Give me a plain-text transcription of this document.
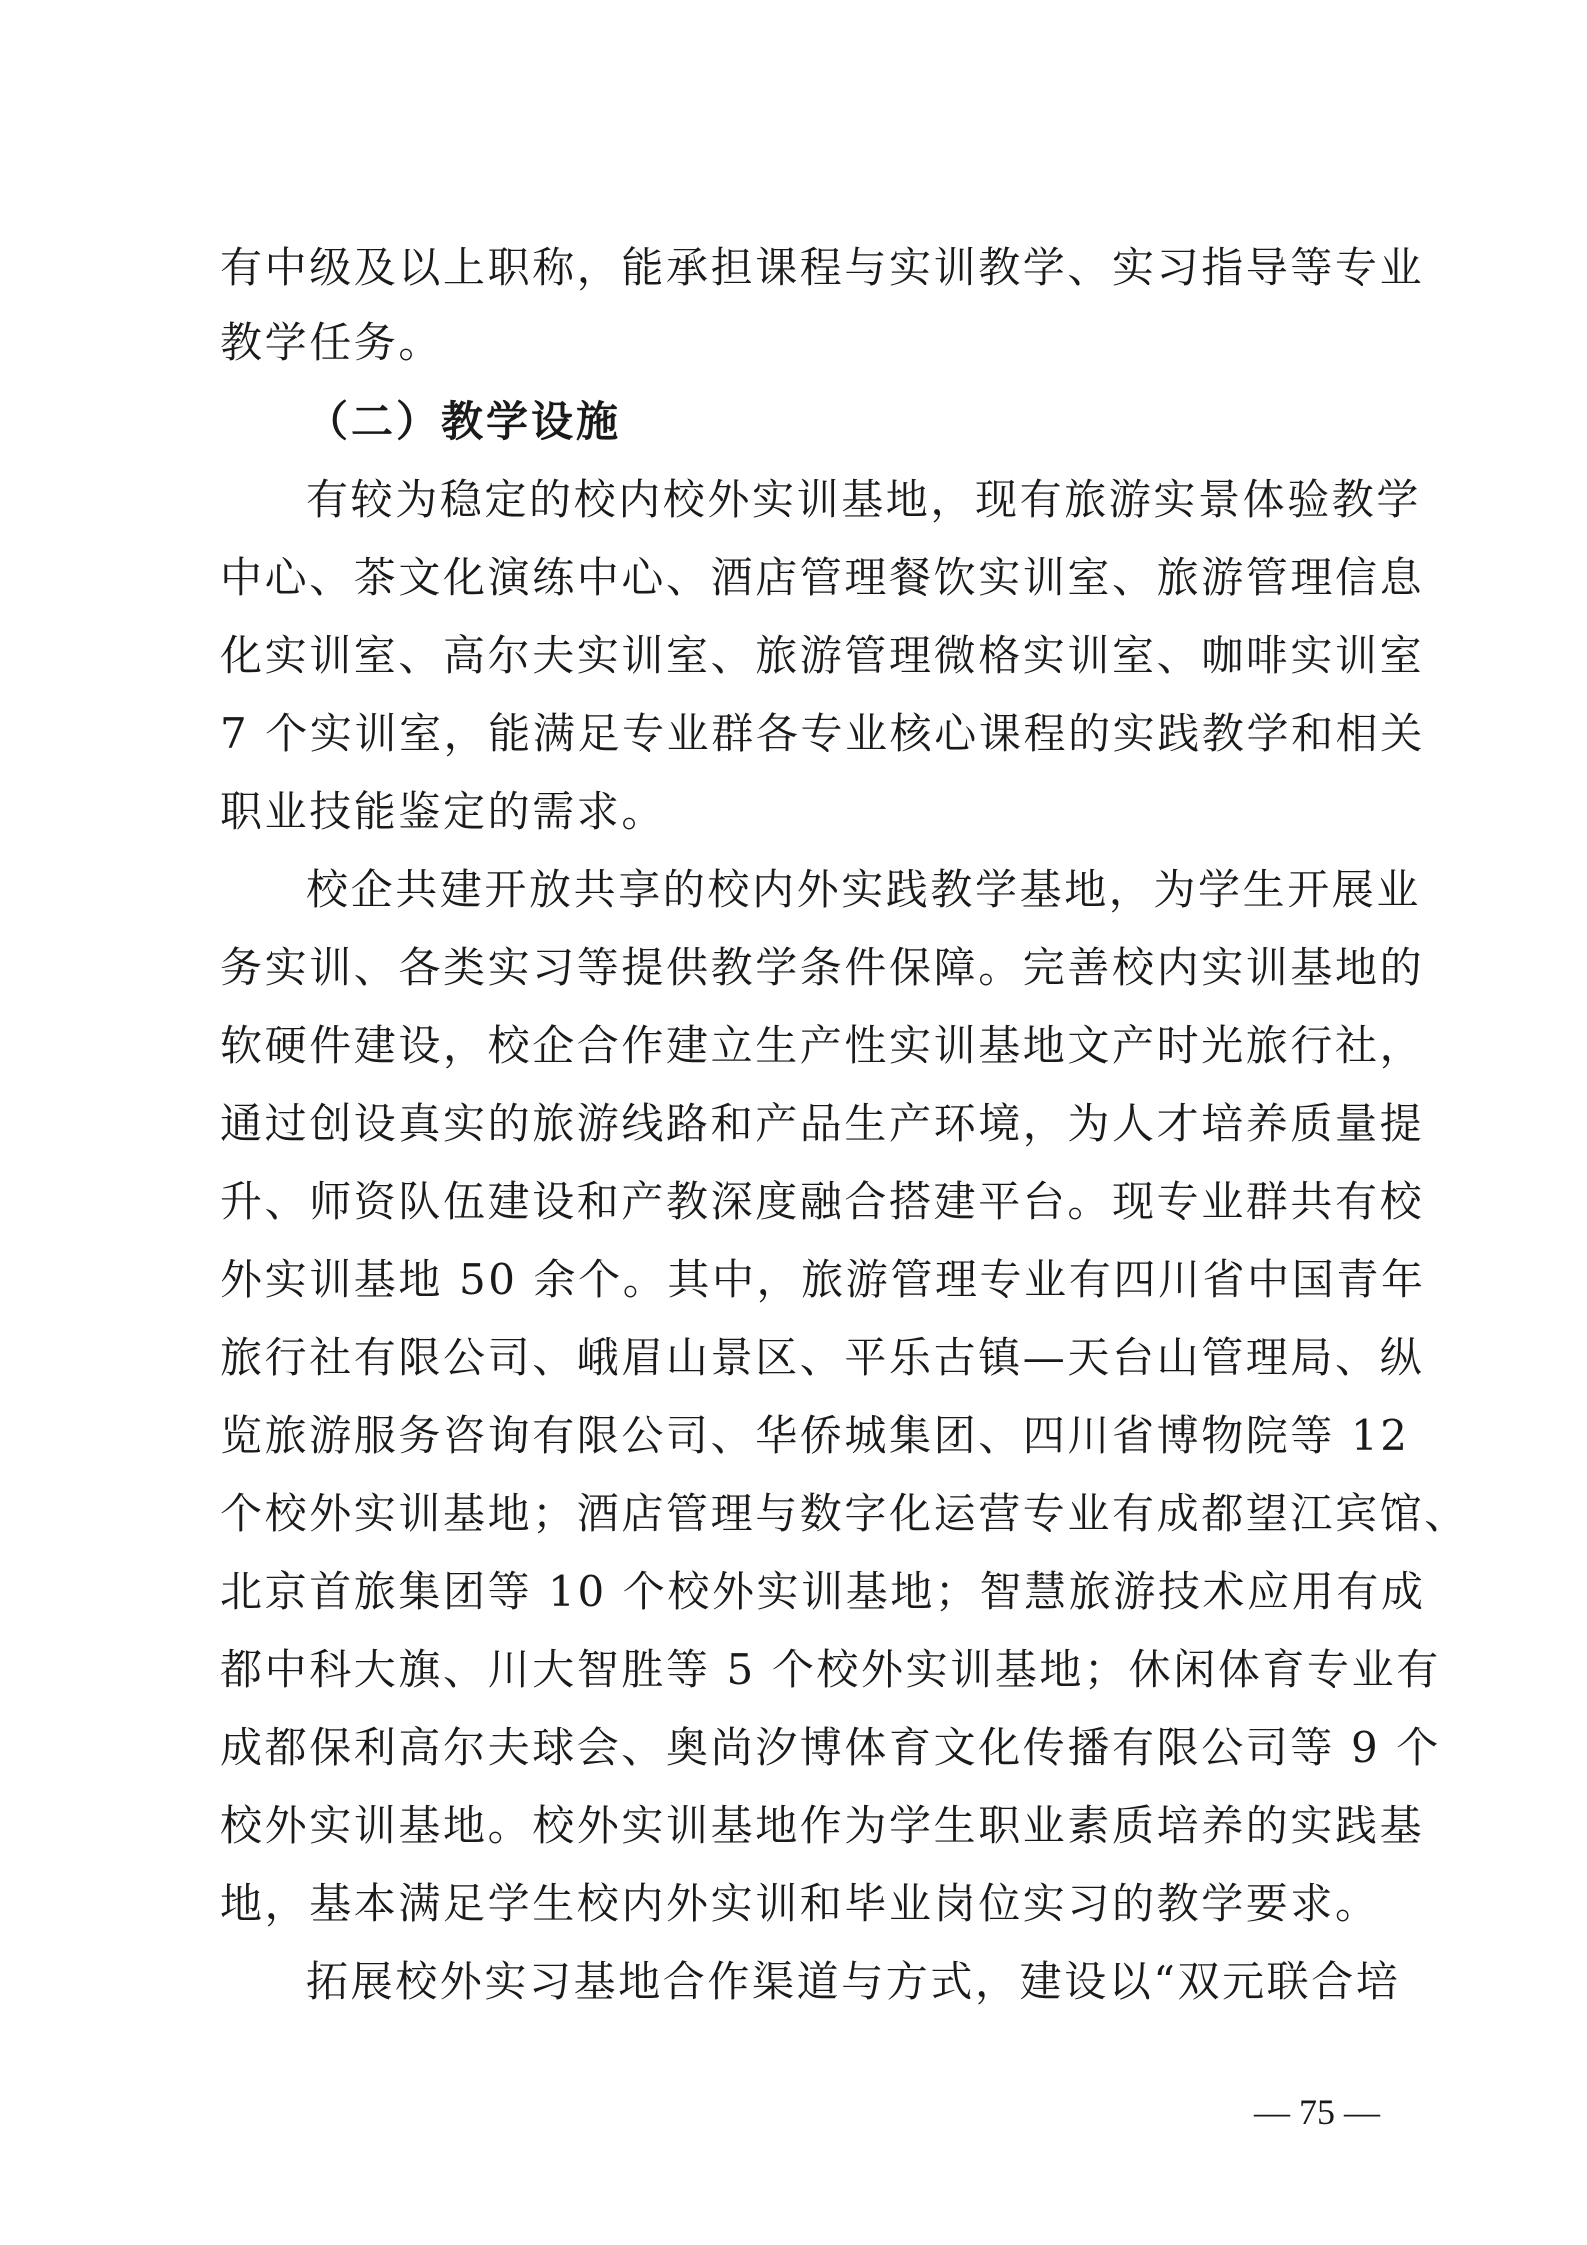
有中级及以上职称，能承担课程与实训教学、实习指导等专业
教学任务。
（二）教学设施
有较为稳定的校内校外实训基地，现有旅游实景体验教学
中心、茶文化演练中心、酒店管理餐饮实训室、旅游管理信息
化实训室、高尔夫实训室、旅游管理微格实训室、咖啡实训室
7 个实训室，能满足专业群各专业核心课程的实践教学和相关
职业技能鉴定的需求。
校企共建开放共享的校内外实践教学基地，为学生开展业
务实训、各类实习等提供教学条件保障。完善校内实训基地的
软硬件建设，校企合作建立生产性实训基地文产时光旅行社，
通过创设真实的旅游线路和产品生产环境，为人才培养质量提
升、师资队伍建设和产教深度融合搭建平台。现专业群共有校
外实训基地 50 余个。其中，旅游管理专业有四川省中国青年
旅行社有限公司、峨眉山景区、平乐古镇—天台山管理局、纵
览旅游服务咨询有限公司、华侨城集团、四川省博物院等 12
个校外实训基地；酒店管理与数字化运营专业有成都望江宾馆、
北京首旅集团等 10 个校外实训基地；智慧旅游技术应用有成
都中科大旗、川大智胜等 5 个校外实训基地；休闲体育专业有
成都保利高尔夫球会、奥尚汐博体育文化传播有限公司等 9 个
校外实训基地。校外实训基地作为学生职业素质培养的实践基
地，基本满足学生校内外实训和毕业岗位实习的教学要求。
拓展校外实习基地合作渠道与方式，建设以“双元联合培
— 75 —
